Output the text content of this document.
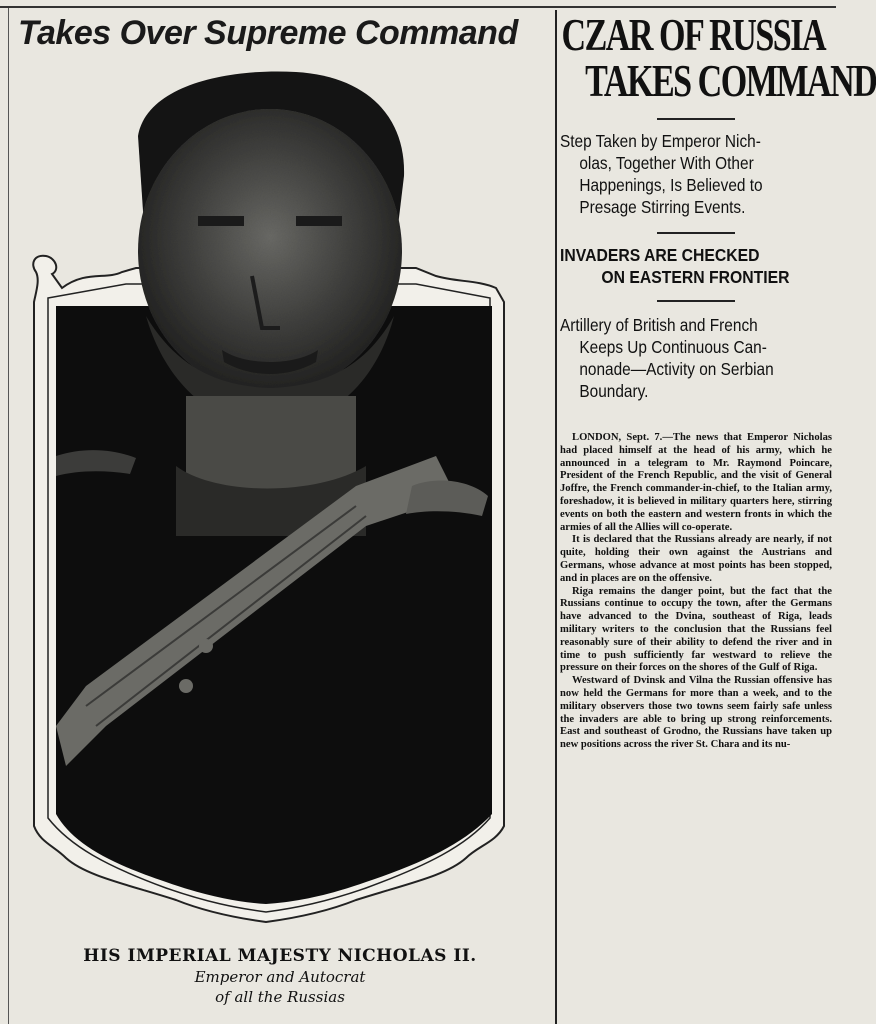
Takes Over Supreme Command
HIS IMPERIAL MAJESTY NICHOLAS II.
Emperor and Autocrat
of all the Russias
CZAR OF RUSSIA
TAKES COMMAND
Step Taken by Emperor Nich-
olas, Together With Other
Happenings, Is Believed to
Presage Stirring Events.
INVADERS ARE CHECKED
ON EASTERN FRONTIER
Artillery of British and French
Keeps Up Continuous Can-
nonade—Activity on Serbian
Boundary.

LONDON, Sept. 7.—The news that Emperor Nicholas had placed himself at the head of his army, which he announced in a telegram to Mr. Raymond Poincare, President of the French Republic, and the visit of General Joffre, the French commander-in-chief, to the Italian army, foreshadow, it is believed in military quarters here, stirring events on both the eastern and western fronts in which the armies of all the Allies will co-operate.

It is declared that the Russians already are nearly, if not quite, holding their own against the Austrians and Germans, whose advance at most points has been stopped, and in places are on the offensive.

Riga remains the danger point, but the fact that the Russians continue to occupy the town, after the Germans have advanced to the Dvina, southeast of Riga, leads military writers to the conclusion that the Russians feel reasonably sure of their ability to defend the river and in time to push sufficiently far westward to relieve the pressure on their forces on the shores of the Gulf of Riga.

Westward of Dvinsk and Vilna the Russian offensive has now held the Germans for more than a week, and to the military observers those two towns seem fairly safe unless the invaders are able to bring up strong reinforcements. East and southeast of Grodno, the Russians have taken up new positions across the river St. Chara and its nu-
